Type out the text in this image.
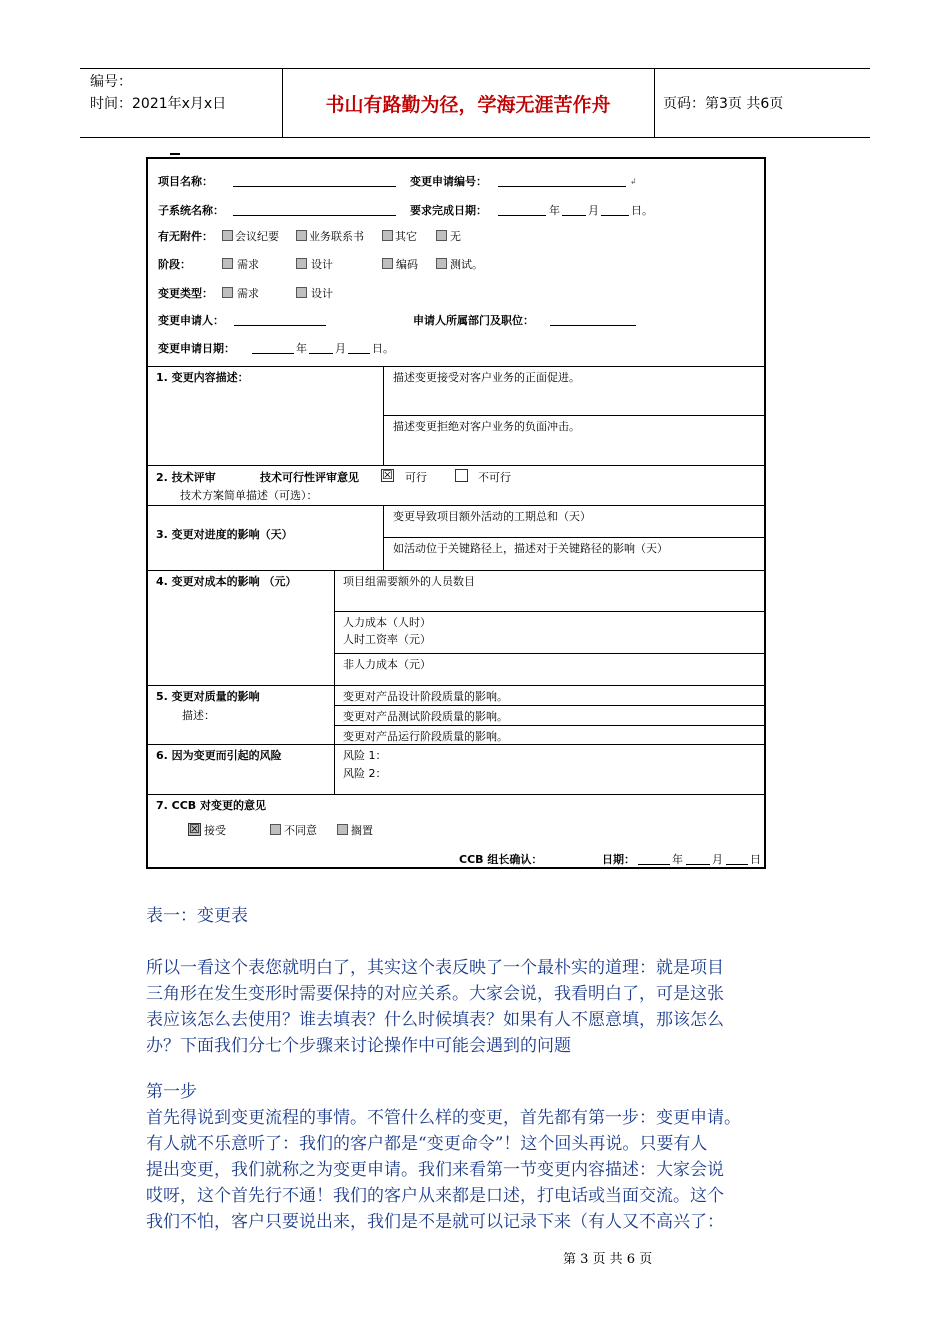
编号：
时间：2021年x月x日	书山有路勤为径，学海无涯苦作舟	页码：第3页 共6页
项目名称：	变更申请编号：	↲
子系统名称：	要求完成日期：	年	月	日。
有无附件： 会议纪要	业务联系书	其它	无
阶段：	需求	设计	编码	测试。
变更类型： 需求	设计
变更申请人：	申请人所属部门及职位：
变更申请日期：	年	月 日。
1. 变更内容描述：	描述变更接受对客户业务的正面促进。
描述变更拒绝对客户业务的负面冲击。
2. 技术评审	技术可行性评审意见 ☒ 可行	不可行
技术方案简单描述（可选）：
3. 变更对进度的影响（天）
变更导致项目额外活动的工期总和（天）
如活动位于关键路径上，描述对于关键路径的影响（天）
4. 变更对成本的影响 （元）	项目组需要额外的人员数目
人力成本（人时）
人时工资率（元）
非人力成本（元）
5. 变更对质量的影响
描述：
变更对产品设计阶段质量的影响。
变更对产品测试阶段质量的影响。
变更对产品运行阶段质量的影响。
6. 因为变更而引起的风险	风险 1：
风险 2：
7. CCB 对变更的意见
☒ 接受	不同意	搁置
CCB 组长确认：	日期：	年	月 日
表一：变更表
所以一看这个表您就明白了，其实这个表反映了一个最朴实的道理：就是项目
三角形在发生变形时需要保持的对应关系。大家会说，我看明白了，可是这张
表应该怎么去使用？谁去填表？什么时候填表？如果有人不愿意填，那该怎么
办？下面我们分七个步骤来讨论操作中可能会遇到的问题
第一步
首先得说到变更流程的事情。不管什么样的变更，首先都有第一步：变更申请。
有人就不乐意听了：我们的客户都是“变更命令”！这个回头再说。只要有人
提出变更，我们就称之为变更申请。我们来看第一节变更内容描述：大家会说
哎呀，这个首先行不通！我们的客户从来都是口述，打电话或当面交流。这个
我们不怕，客户只要说出来，我们是不是就可以记录下来（有人又不高兴了：
第 3 页 共 6 页
